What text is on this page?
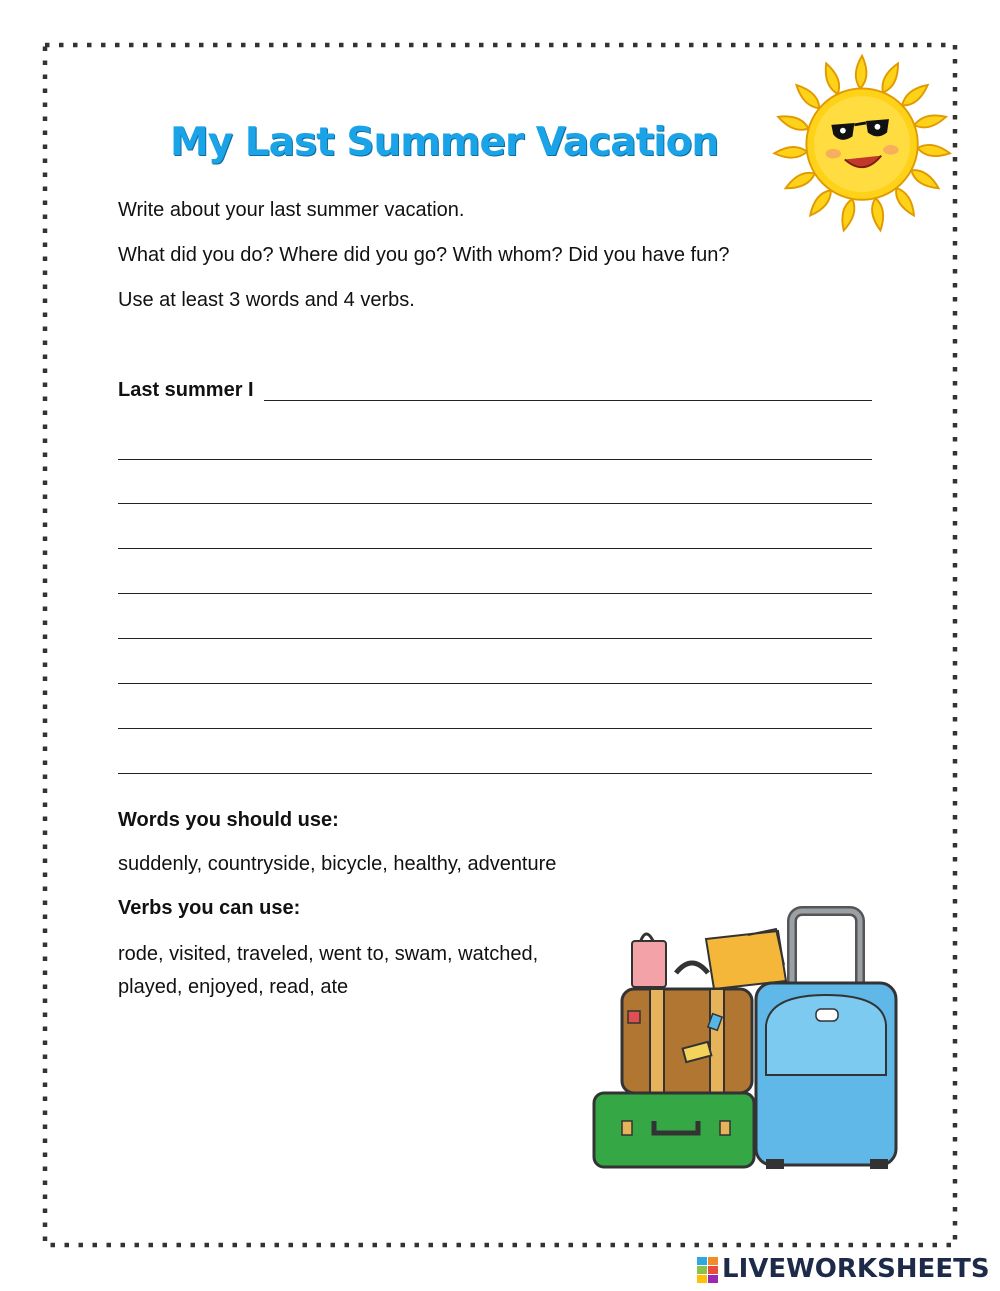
My Last Summer Vacation
Write about your last summer vacation.
What did you do? Where did you go? With whom? Did you have fun?
Use at least 3 words and 4 verbs.
Last summer I
Words you should use:
suddenly, countryside, bicycle, healthy, adventure
Verbs you can use:
rode, visited, traveled, went to, swam, watched,
played, enjoyed, read, ate
LIVEWORKSHEETS
